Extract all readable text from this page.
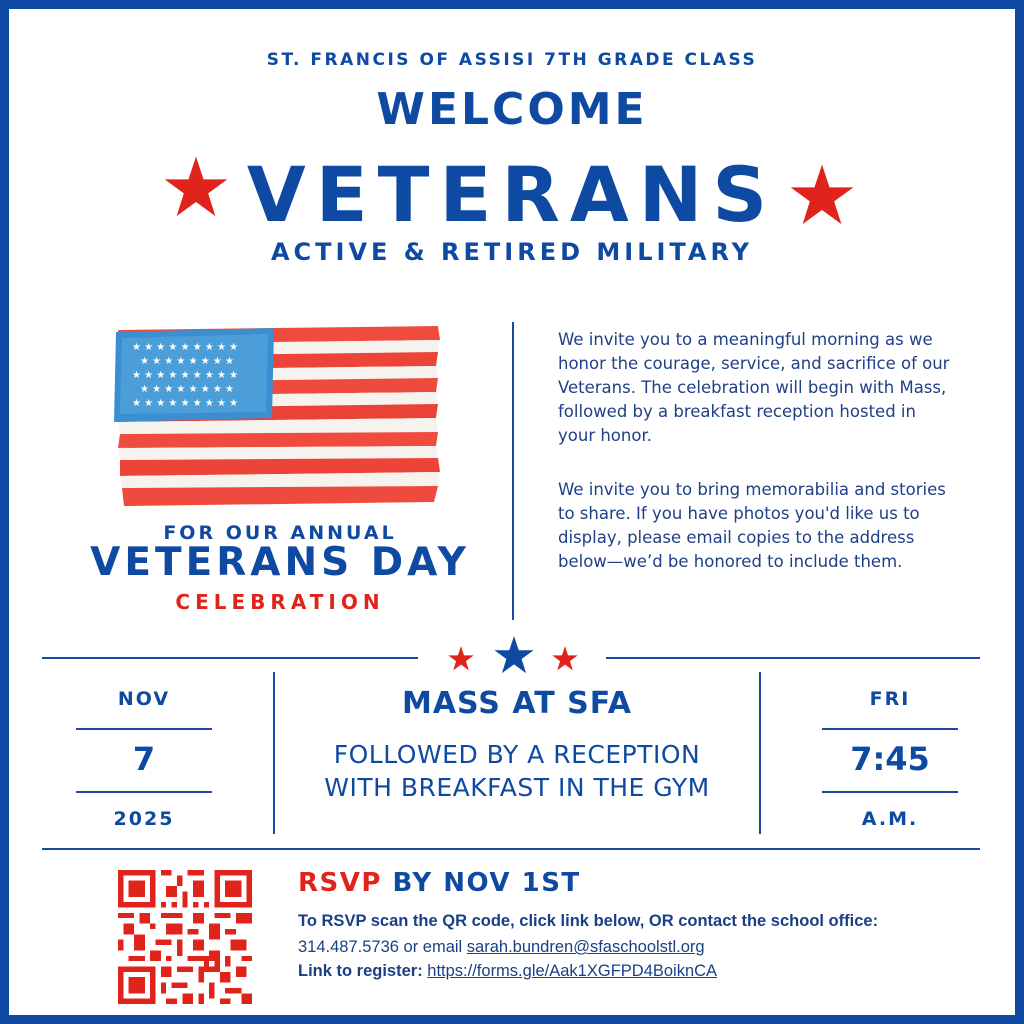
ST. FRANCIS OF ASSISI 7TH GRADE CLASS
WELCOME
VETERANS
ACTIVE & RETIRED MILITARY
★ ★ ★ ★ ★ ★ ★ ★ ★
★ ★ ★ ★ ★ ★ ★ ★
★ ★ ★ ★ ★ ★ ★ ★ ★
★ ★ ★ ★ ★ ★ ★ ★
★ ★ ★ ★ ★ ★ ★ ★ ★
FOR OUR ANNUAL
VETERANS DAY
CELEBRATION
We invite you to a meaningful morning as we honor the courage, service, and sacrifice of our Veterans. The celebration will begin with Mass, followed by a breakfast reception hosted in your honor.
We invite you to bring memorabilia and stories to share. If you have photos you'd like us to display, please email copies to the address below—we’d be honored to include them.
NOV
7
2025
MASS AT SFA
FOLLOWED BY A RECEPTION
WITH BREAKFAST IN THE GYM
FRI
7:45
A.M.
RSVP BY NOV 1ST
To RSVP scan the QR code, click link below, OR contact the school office:
314.487.5736 or email sarah.bundren@sfaschoolstl.org
Link to register: https://forms.gle/Aak1XGFPD4BoiknCA
